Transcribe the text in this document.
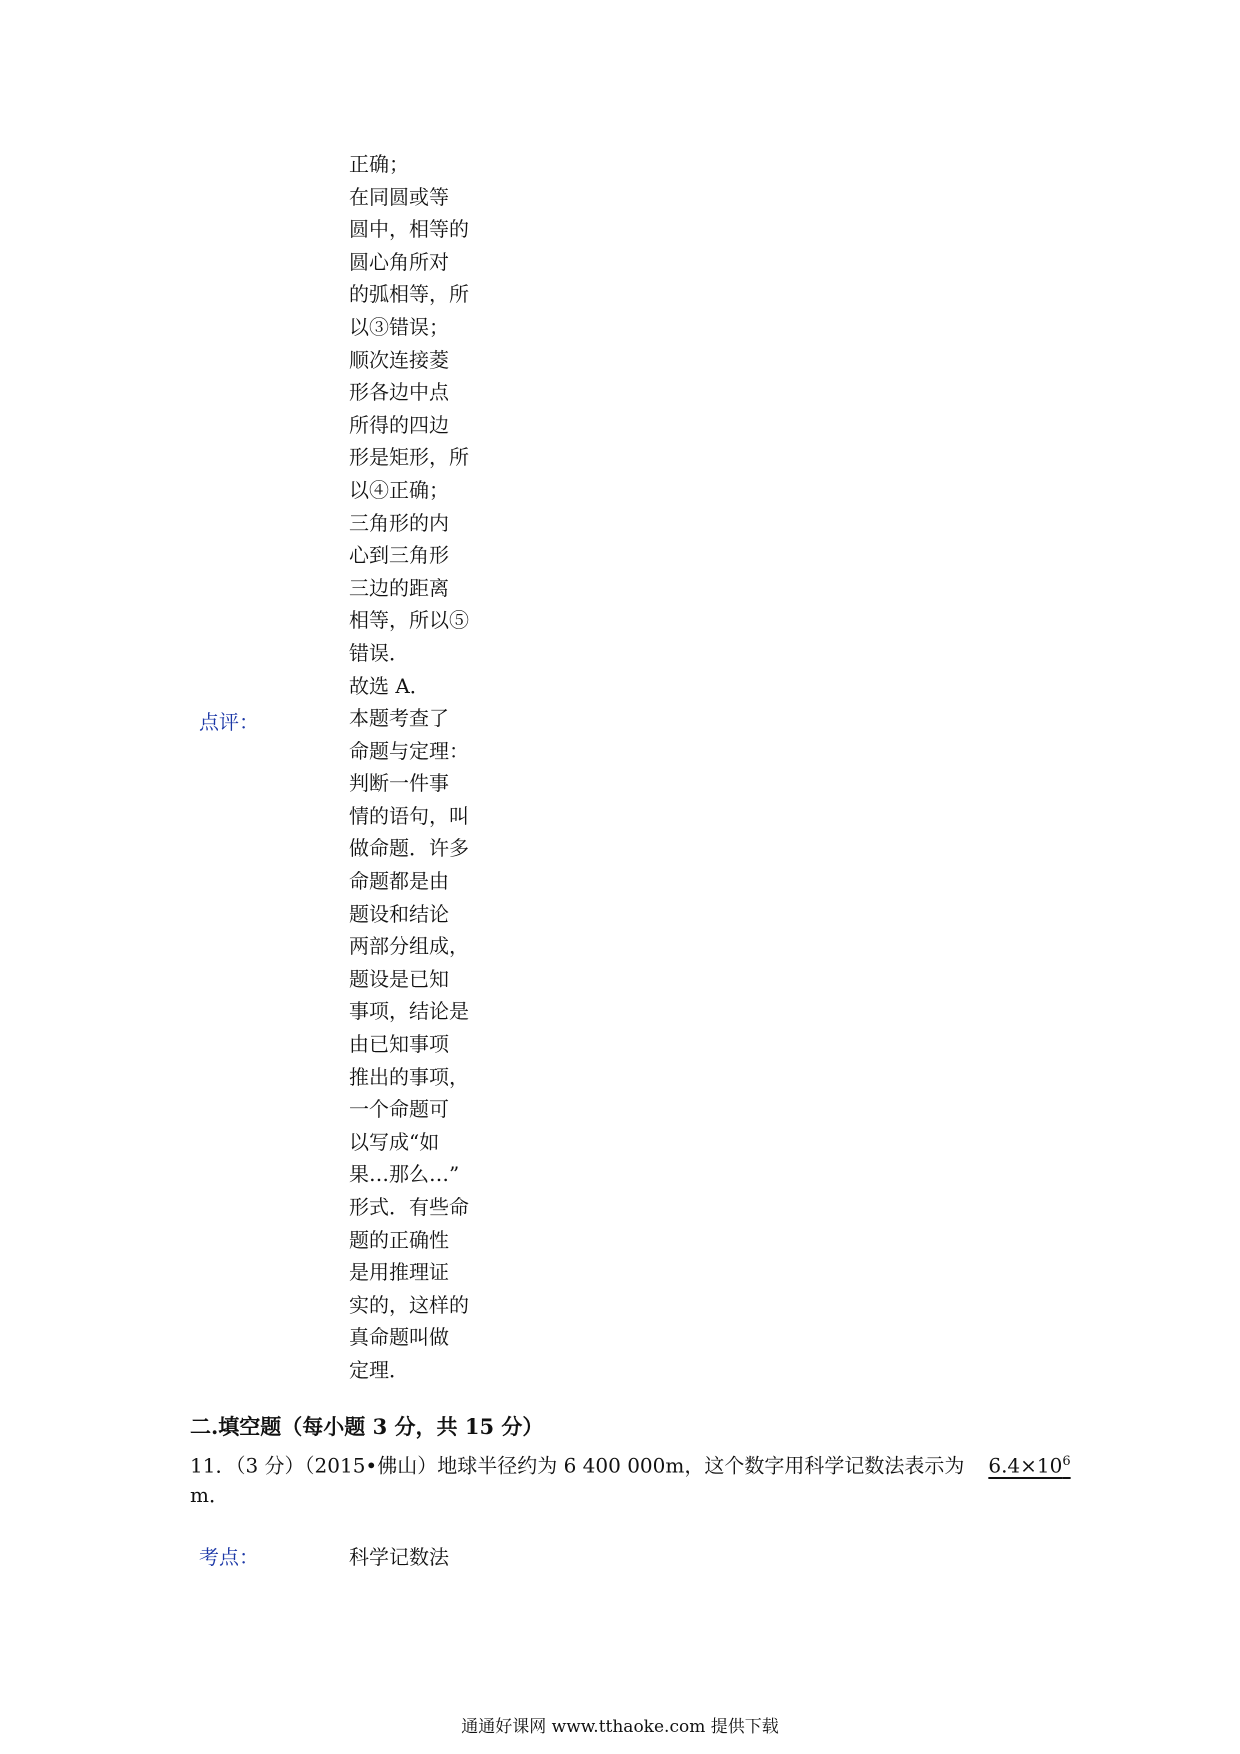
正确；
在同圆或等
圆中，相等的
圆心角所对
的弧相等，所
以③错误；
顺次连接菱
形各边中点
所得的四边
形是矩形，所
以④正确；
三角形的内
心到三角形
三边的距离
相等，所以⑤
错误．
故选 A．
本题考查了
命题与定理：
判断一件事
情的语句，叫
做命题．许多
命题都是由
题设和结论
两部分组成，
题设是已知
事项，结论是
由已知事项
推出的事项，
一个命题可
以写成“如
果…那么…”
形式．有些命
题的正确性
是用推理证
实的，这样的
真命题叫做
定理．
点评：
二.填空题（每小题 3 分，共 15 分）
11．（3 分）（2015•佛山）地球半径约为 6 400 000m，这个数字用科学记数法表示为 $6.4\times 10^6$
m．
考点：	科学记数法
通通好课网 www.tthaoke.com 提供下载
